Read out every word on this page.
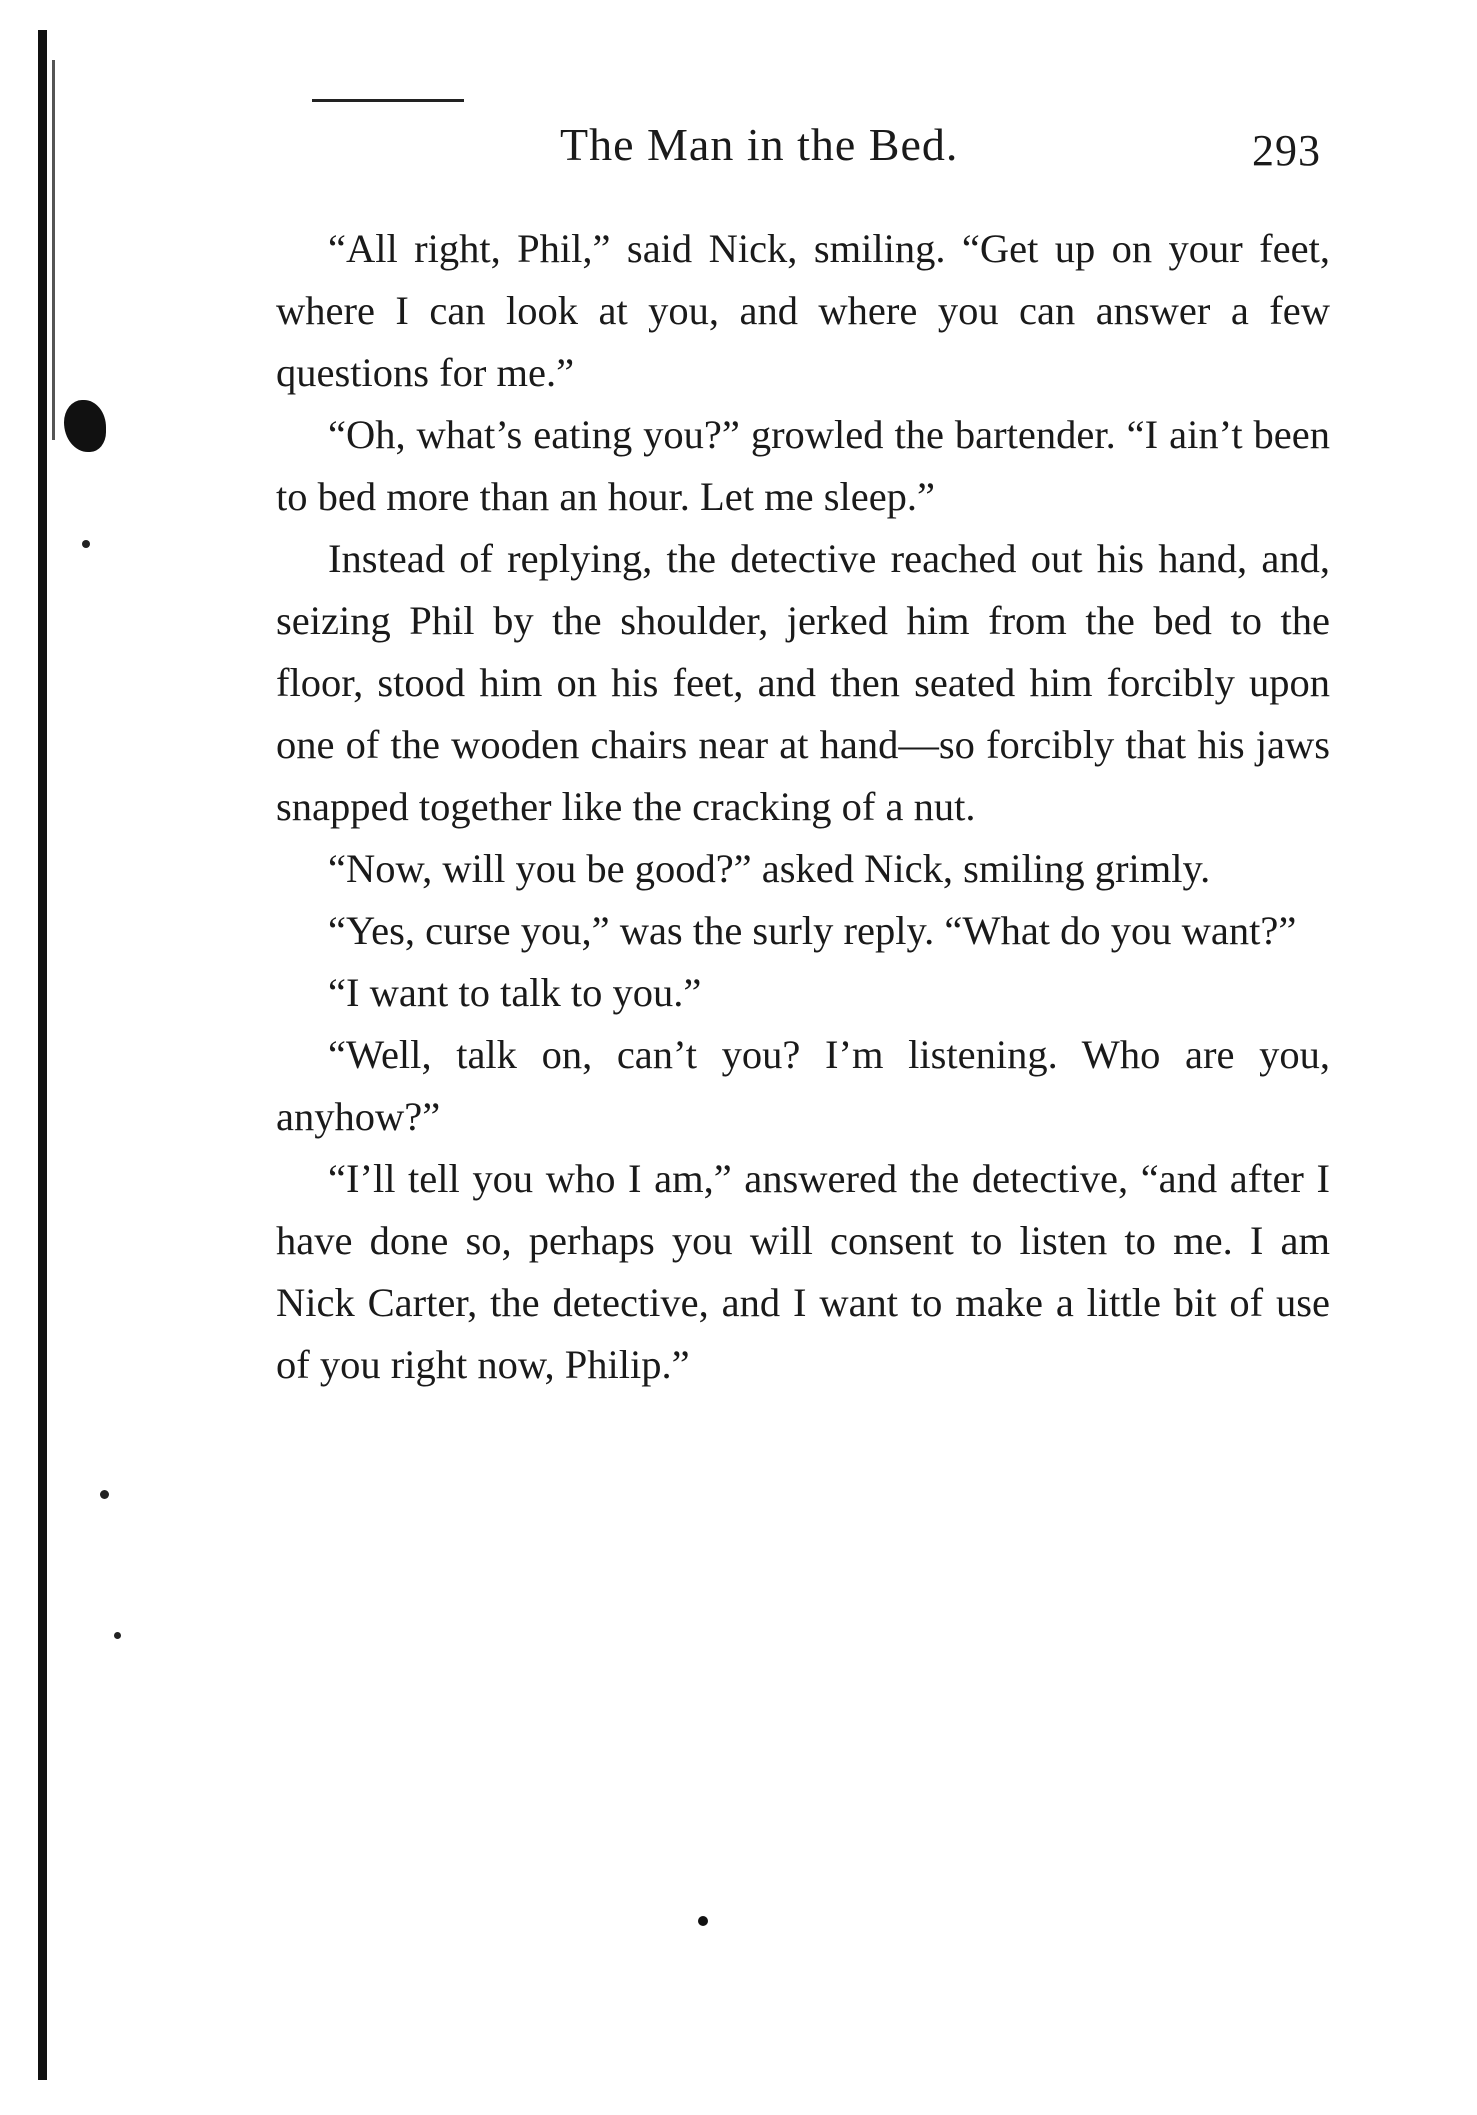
The Man in the Bed.	293

“All right, Phil,” said Nick, smiling. “Get up on your feet, where I can look at you, and where you can answer a few questions for me.”

“Oh, what’s eating you?” growled the bartender. “I ain’t been to bed more than an hour. Let me sleep.”

Instead of replying, the detective reached out his hand, and, seizing Phil by the shoulder, jerked him from the bed to the floor, stood him on his feet, and then seated him forcibly upon one of the wooden chairs near at hand—so forcibly that his jaws snapped together like the cracking of a nut.

“Now, will you be good?” asked Nick, smiling grimly.

“Yes, curse you,” was the surly reply. “What do you want?”

“I want to talk to you.”

“Well, talk on, can’t you? I’m listening. Who are you, anyhow?”

“I’ll tell you who I am,” answered the detective, “and after I have done so, perhaps you will consent to listen to me. I am Nick Carter, the detective, and I want to make a little bit of use of you right now, Philip.”
